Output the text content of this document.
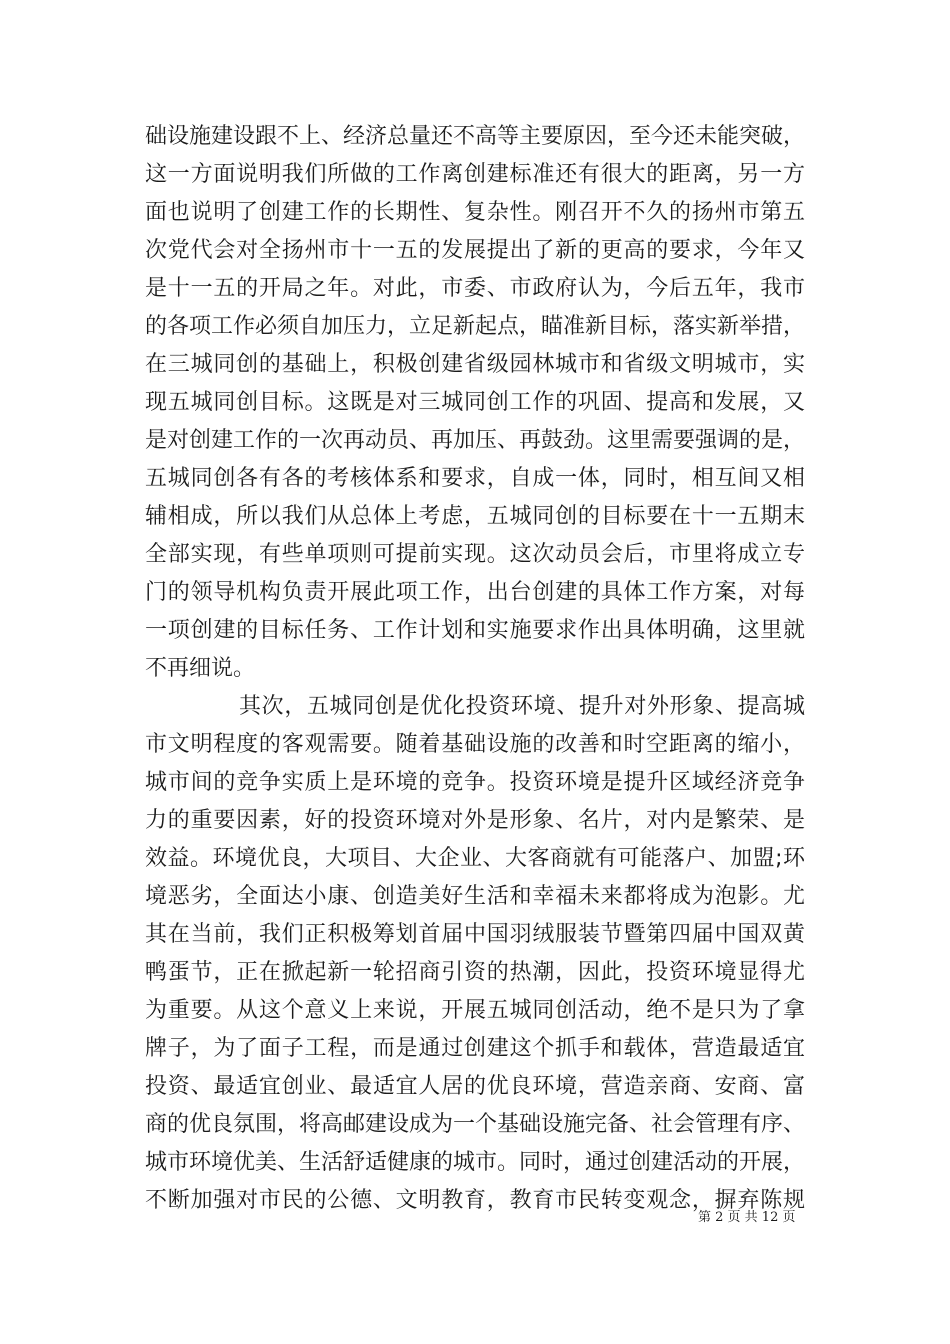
础设施建设跟不上、经济总量还不高等主要原因，至今还未能突破，
这一方面说明我们所做的工作离创建标准还有很大的距离，另一方
面也说明了创建工作的长期性、复杂性。刚召开不久的扬州市第五
次党代会对全扬州市十一五的发展提出了新的更高的要求，今年又
是十一五的开局之年。对此，市委、市政府认为，今后五年，我市
的各项工作必须自加压力，立足新起点，瞄准新目标，落实新举措，
在三城同创的基础上，积极创建省级园林城市和省级文明城市，实
现五城同创目标。这既是对三城同创工作的巩固、提高和发展，又
是对创建工作的一次再动员、再加压、再鼓劲。这里需要强调的是，
五城同创各有各的考核体系和要求，自成一体，同时，相互间又相
辅相成，所以我们从总体上考虑，五城同创的目标要在十一五期末
全部实现，有些单项则可提前实现。这次动员会后，市里将成立专
门的领导机构负责开展此项工作，出台创建的具体工作方案，对每
一项创建的目标任务、工作计划和实施要求作出具体明确，这里就
不再细说。
其次，五城同创是优化投资环境、提升对外形象、提高城
市文明程度的客观需要。随着基础设施的改善和时空距离的缩小，
城市间的竞争实质上是环境的竞争。投资环境是提升区域经济竞争
力的重要因素，好的投资环境对外是形象、名片，对内是繁荣、是
效益。环境优良，大项目、大企业、大客商就有可能落户、加盟;环
境恶劣，全面达小康、创造美好生活和幸福未来都将成为泡影。尤
其在当前，我们正积极筹划首届中国羽绒服装节暨第四届中国双黄
鸭蛋节，正在掀起新一轮招商引资的热潮，因此，投资环境显得尤
为重要。从这个意义上来说，开展五城同创活动，绝不是只为了拿
牌子，为了面子工程，而是通过创建这个抓手和载体，营造最适宜
投资、最适宜创业、最适宜人居的优良环境，营造亲商、安商、富
商的优良氛围，将高邮建设成为一个基础设施完备、社会管理有序、
城市环境优美、生活舒适健康的城市。同时，通过创建活动的开展，
不断加强对市民的公德、文明教育，教育市民转变观念，摒弃陈规
第 2 页 共 12 页
